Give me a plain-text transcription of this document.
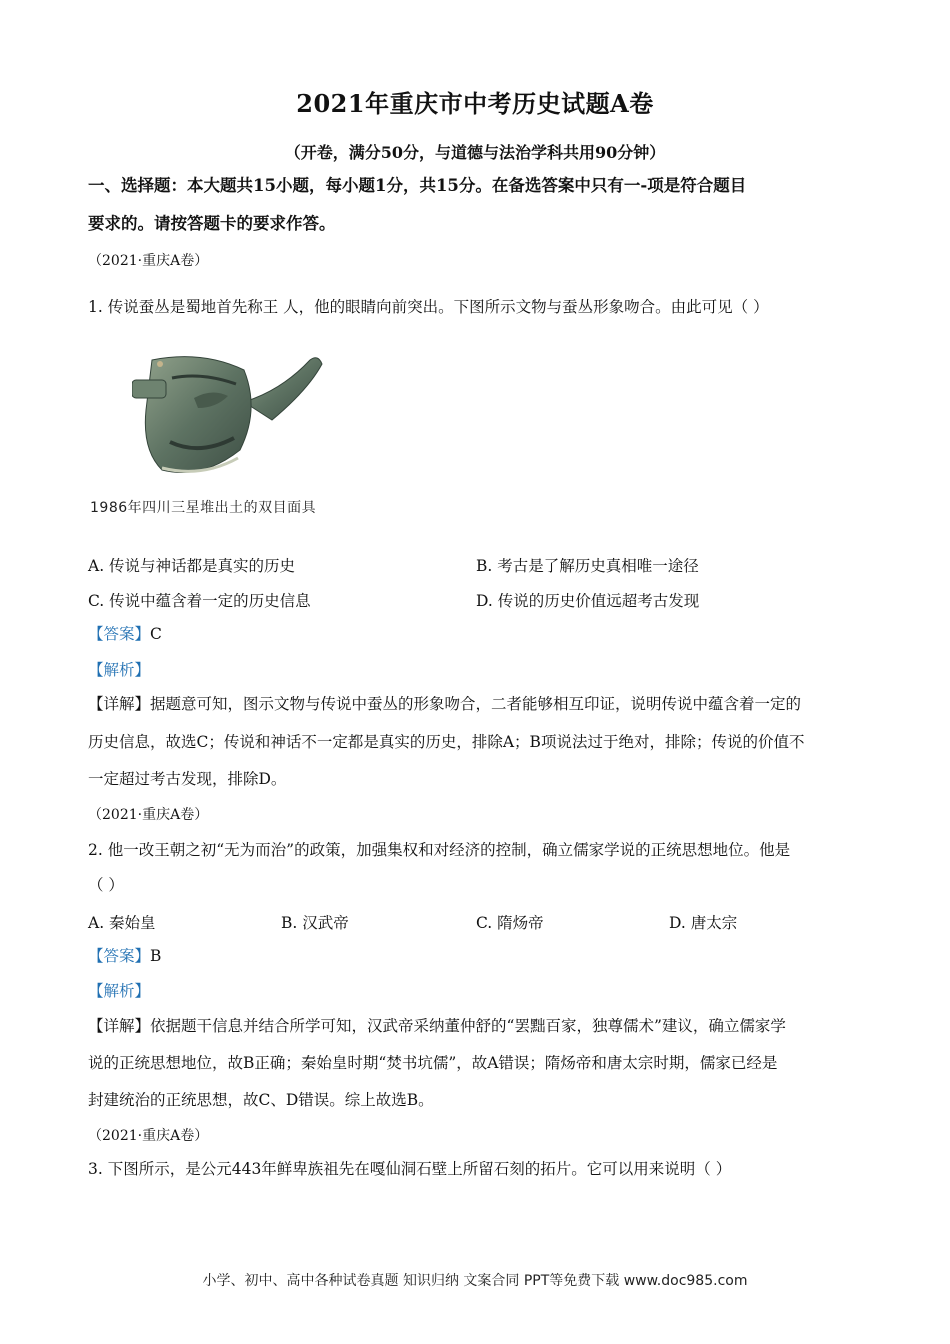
2021年重庆市中考历史试题A卷
（开卷，满分50分，与道德与法治学科共用90分钟）
一、选择题：本大题共15小题，每小题1分，共15分。在备选答案中只有一-项是符合题目
要求的。请按答题卡的要求作答。
（2021·重庆A卷）
1. 传说蚕丛是蜀地首先称王 人，他的眼睛向前突出。下图所示文物与蚕丛形象吻合。由此可见（ ）
1986年四川三星堆出土的双目面具
A. 传说与神话都是真实的历史	B. 考古是了解历史真相唯一途径
C. 传说中蕴含着一定的历史信息	D. 传说的历史价值远超考古发现
【答案】C
【解析】
【详解】据题意可知，图示文物与传说中蚕丛的形象吻合，二者能够相互印证，说明传说中蕴含着一定的
历史信息，故选C；传说和神话不一定都是真实的历史，排除A；B项说法过于绝对，排除；传说的价值不
一定超过考古发现，排除D。
（2021·重庆A卷）
2. 他一改王朝之初“无为而治”的政策，加强集权和对经济的控制，确立儒家学说的正统思想地位。他是
（ ）
A. 秦始皇	B. 汉武帝	C. 隋炀帝	D. 唐太宗
【答案】B
【解析】
【详解】依据题干信息并结合所学可知，汉武帝采纳董仲舒的“罢黜百家，独尊儒术”建议，确立儒家学
说的正统思想地位，故B正确；秦始皇时期“焚书坑儒”，故A错误；隋炀帝和唐太宗时期，儒家已经是
封建统治的正统思想，故C、D错误。综上故选B。
（2021·重庆A卷）
3. 下图所示，是公元443年鲜卑族祖先在嘎仙洞石壁上所留石刻的拓片。它可以用来说明（ ）
小学、初中、高中各种试卷真题 知识归纳 文案合同 PPT等免费下载 www.doc985.com
